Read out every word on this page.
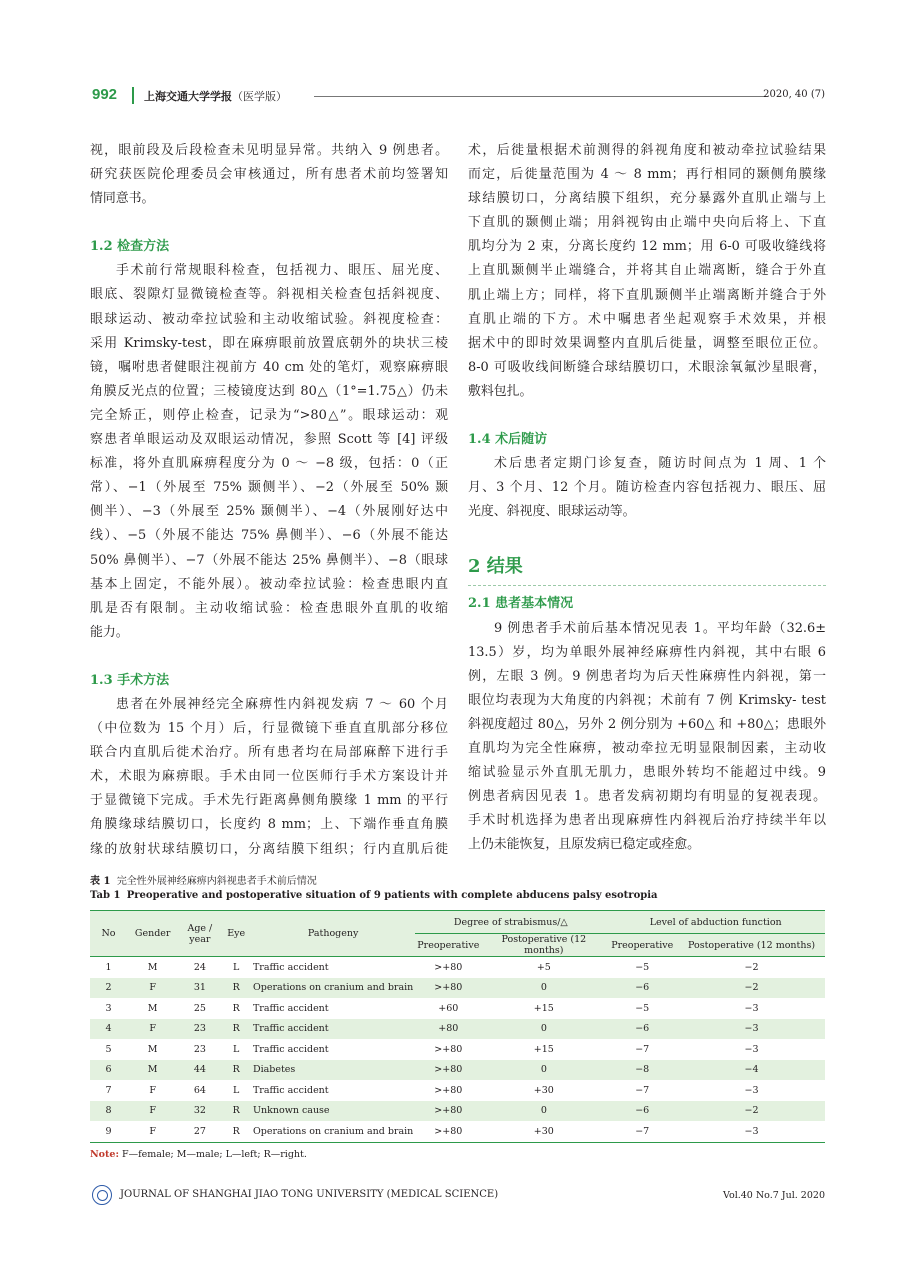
992 上海交通大学学报（医学版）	2020, 40 (7)
视，眼前段及后段检查未见明显异常。共纳入 9 例患者。
研究获医院伦理委员会审核通过，所有患者术前均签署知
情同意书。
1.2 检查方法
手术前行常规眼科检查，包括视力、眼压、屈光度、
眼底、裂隙灯显微镜检查等。斜视相关检查包括斜视度、
眼球运动、被动牵拉试验和主动收缩试验。斜视度检查：
采用 Krimsky-test，即在麻痹眼前放置底朝外的块状三棱
镜，嘱咐患者健眼注视前方 40 cm 处的笔灯，观察麻痹眼
角膜反光点的位置；三棱镜度达到 80△（1°=1.75△）仍未
完全矫正，则停止检查，记录为“>80△”。眼球运动：观
察患者单眼运动及双眼运动情况，参照 Scott 等 [4] 评级
标准，将外直肌麻痹程度分为 0 ～ −8 级，包括：0（正
常）、−1（外展至 75% 颞侧半）、−2（外展至 50% 颞
侧半）、−3（外展至 25% 颞侧半）、−4（外展刚好达中
线）、−5（外展不能达 75% 鼻侧半）、−6（外展不能达
50% 鼻侧半）、−7（外展不能达 25% 鼻侧半）、−8（眼球
基本上固定，不能外展）。被动牵拉试验：检查患眼内直
肌是否有限制。主动收缩试验：检查患眼外直肌的收缩
能力。
1.3 手术方法
患者在外展神经完全麻痹性内斜视发病 7 ～ 60 个月
（中位数为 15 个月）后，行显微镜下垂直直肌部分移位
联合内直肌后徙术治疗。所有患者均在局部麻醉下进行手
术，术眼为麻痹眼。手术由同一位医师行手术方案设计并
于显微镜下完成。手术先行距离鼻侧角膜缘 1 mm 的平行
角膜缘球结膜切口，长度约 8 mm；上、下端作垂直角膜
缘的放射状球结膜切口，分离结膜下组织；行内直肌后徙
术，后徙量根据术前测得的斜视角度和被动牵拉试验结果
而定，后徙量范围为 4 ～ 8 mm；再行相同的颞侧角膜缘
球结膜切口，分离结膜下组织，充分暴露外直肌止端与上
下直肌的颞侧止端；用斜视钩由止端中央向后将上、下直
肌均分为 2 束，分离长度约 12 mm；用 6-0 可吸收缝线将
上直肌颞侧半止端缝合，并将其自止端离断，缝合于外直
肌止端上方；同样，将下直肌颞侧半止端离断并缝合于外
直肌止端的下方。术中嘱患者坐起观察手术效果，并根
据术中的即时效果调整内直肌后徙量，调整至眼位正位。
8-0 可吸收线间断缝合球结膜切口，术眼涂氧氟沙星眼膏，
敷料包扎。
1.4 术后随访
术后患者定期门诊复查，随访时间点为 1 周、1 个
月、3 个月、12 个月。随访检查内容包括视力、眼压、屈
光度、斜视度、眼球运动等。
2 结果
2.1 患者基本情况
9 例患者手术前后基本情况见表 1。平均年龄（32.6±
13.5）岁，均为单眼外展神经麻痹性内斜视，其中右眼 6
例，左眼 3 例。9 例患者均为后天性麻痹性内斜视，第一
眼位均表现为大角度的内斜视；术前有 7 例 Krimsky- test
斜视度超过 80△，另外 2 例分别为 +60△ 和 +80△；患眼外
直肌均为完全性麻痹，被动牵拉无明显限制因素，主动收
缩试验显示外直肌无肌力，患眼外转均不能超过中线。9
例患者病因见表 1。患者发病初期均有明显的复视表现。
手术时机选择为患者出现麻痹性内斜视后治疗持续半年以
上仍未能恢复，且原发病已稳定或痊愈。
表 1 完全性外展神经麻痹内斜视患者手术前后情况
Tab 1 Preoperative and postoperative situation of 9 patients with complete abducens palsy esotropia
No	Gender	Age / year	Eye	Pathogeny	Degree of strabismus/△		Level of abduction function	
					Preoperative	Postoperative (12 months)	Preoperative	Postoperative (12 months)
1	M	24	L	Traffic accident	>+80	+5	−5	−2
2	F	31	R	Operations on cranium and brain	>+80	0	−6	−2
3	M	25	R	Traffic accident	+60	+15	−5	−3
4	F	23	R	Traffic accident	+80	0	−6	−3
5	M	23	L	Traffic accident	>+80	+15	−7	−3
6	M	44	R	Diabetes	>+80	0	−8	−4
7	F	64	L	Traffic accident	>+80	+30	−7	−3
8	F	32	R	Unknown cause	>+80	0	−6	−2
9	F	27	R	Operations on cranium and brain	>+80	+30	−7	−3
Note: F—female; M—male; L—left; R—right.
JOURNAL OF SHANGHAI JIAO TONG UNIVERSITY (MEDICAL SCIENCE)	Vol.40 No.7 Jul. 2020
